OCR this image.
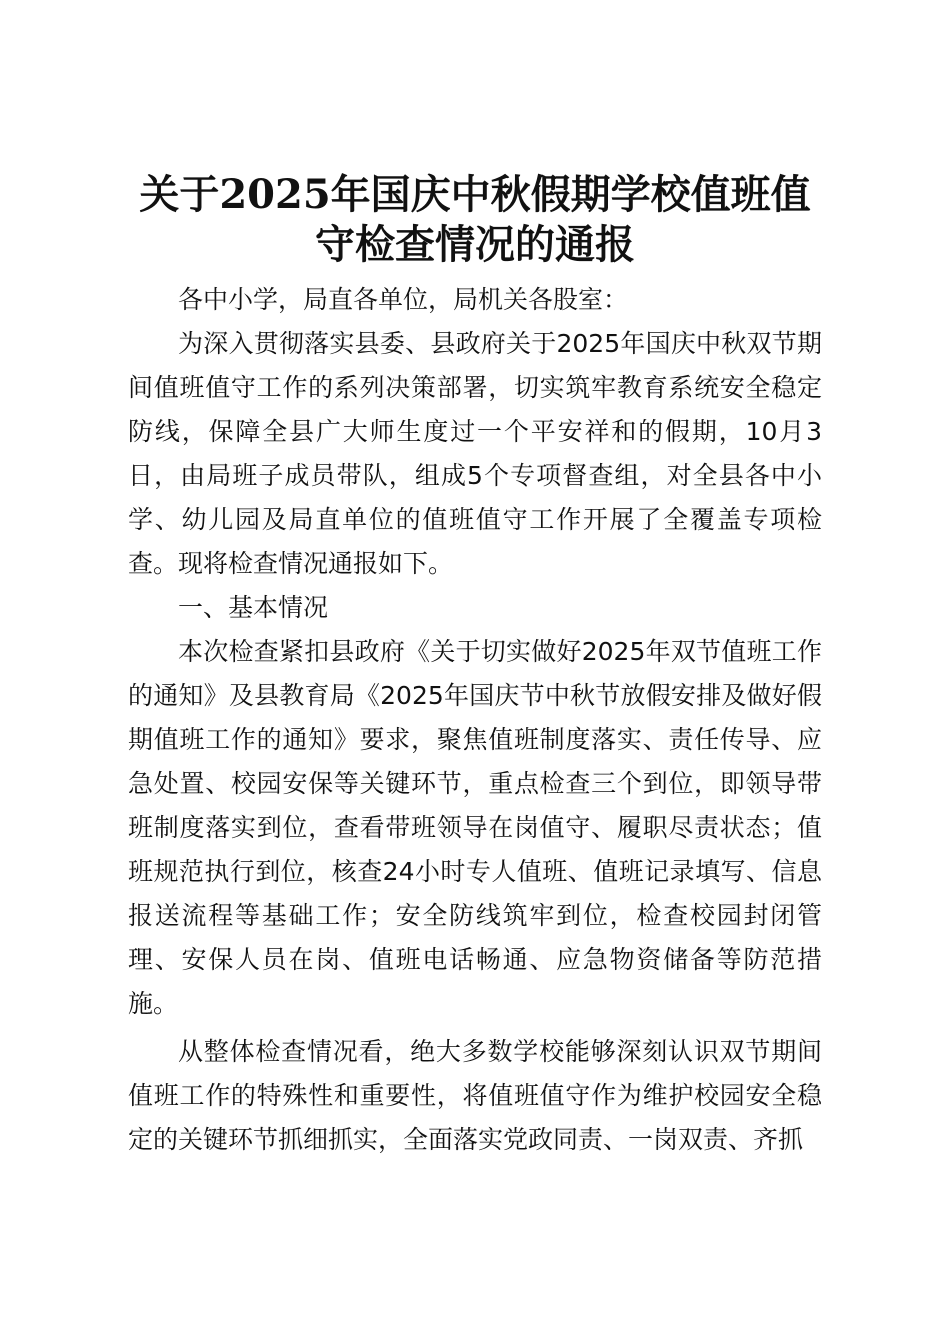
关于2025年国庆中秋假期学校值班值
守检查情况的通报

各中小学，局直各单位，局机关各股室：

为深入贯彻落实县委、县政府关于2025年国庆中秋双节期间值班值守工作的系列决策部署，切实筑牢教育系统安全稳定防线，保障全县广大师生度过一个平安祥和的假期，10月3日，由局班子成员带队，组成5个专项督查组，对全县各中小学、幼儿园及局直单位的值班值守工作开展了全覆盖专项检查。现将检查情况通报如下。

一、基本情况

本次检查紧扣县政府《关于切实做好2025年双节值班工作的通知》及县教育局《2025年国庆节中秋节放假安排及做好假期值班工作的通知》要求，聚焦值班制度落实、责任传导、应急处置、校园安保等关键环节，重点检查三个到位，即领导带班制度落实到位，查看带班领导在岗值守、履职尽责状态；值班规范执行到位，核查24小时专人值班、值班记录填写、信息报送流程等基础工作；安全防线筑牢到位，检查校园封闭管理、安保人员在岗、值班电话畅通、应急物资储备等防范措施。

从整体检查情况看，绝大多数学校能够深刻认识双节期间值班工作的特殊性和重要性，将值班值守作为维护校园安全稳定的关键环节抓细抓实，全面落实党政同责、一岗双责、齐抓
